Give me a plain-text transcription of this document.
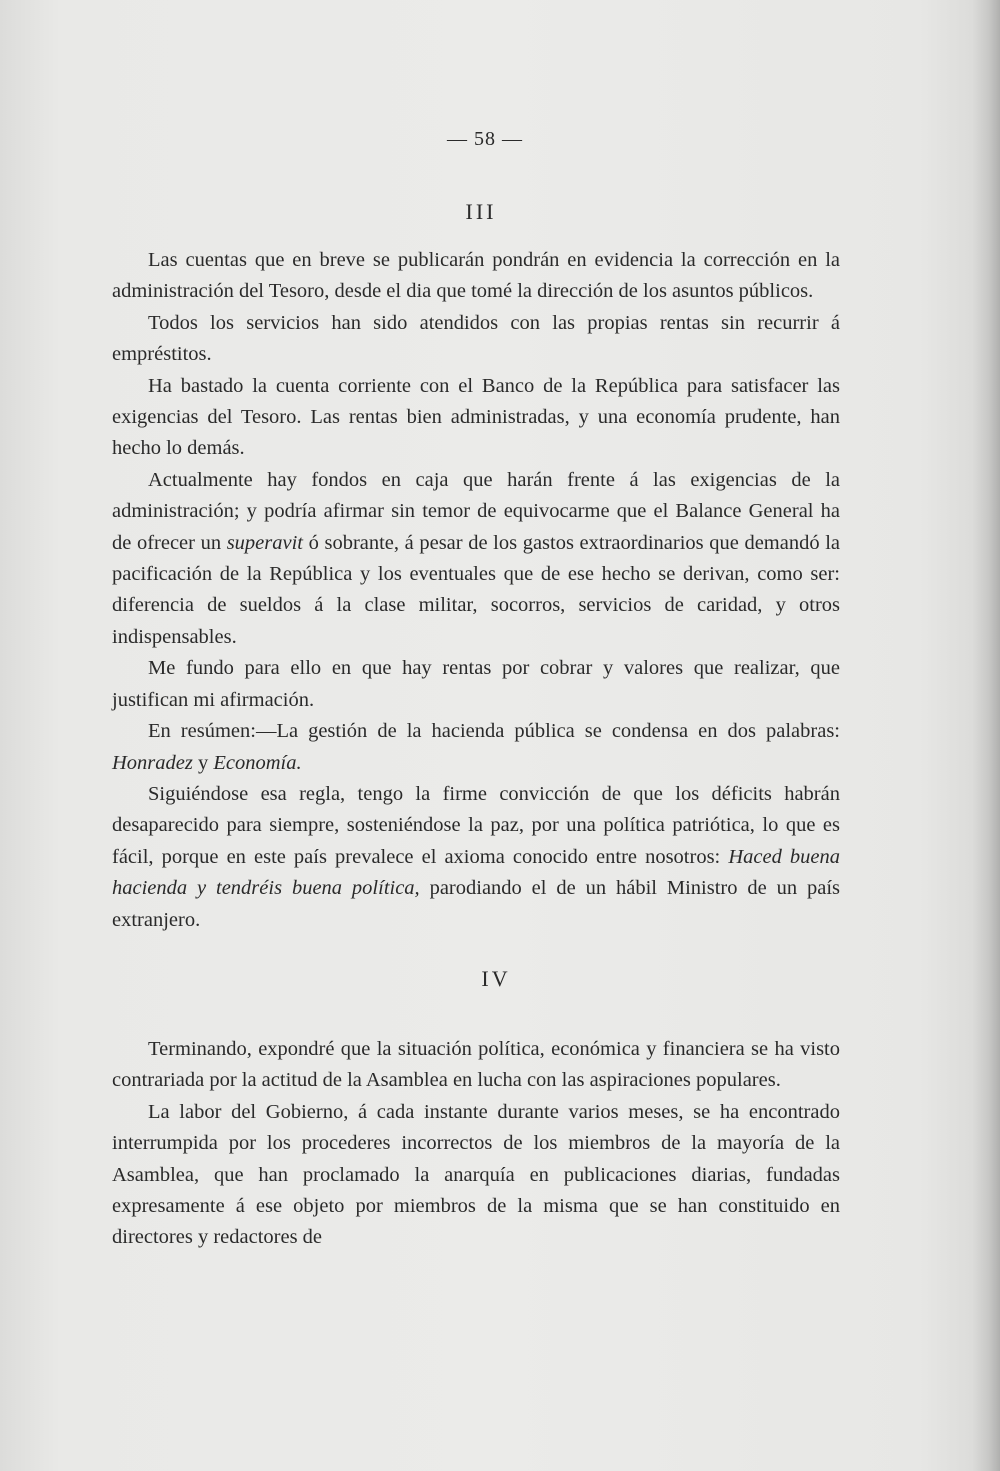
— 58 —
III

Las cuentas que en breve se publicarán pondrán en evidencia la corrección en la administración del Tesoro, desde el dia que tomé la dirección de los asuntos públicos.

Todos los servicios han sido atendidos con las propias rentas sin recurrir á empréstitos.

Ha bastado la cuenta corriente con el Banco de la República para satisfacer las exigencias del Tesoro. Las rentas bien administradas, y una economía prudente, han hecho lo demás.

Actualmente hay fondos en caja que harán frente á las exigencias de la administración; y podría afirmar sin temor de equivocarme que el Balance General ha de ofrecer un superavit ó sobrante, á pesar de los gastos extraordinarios que demandó la pacificación de la República y los eventuales que de ese hecho se derivan, como ser: diferencia de sueldos á la clase militar, socorros, servicios de caridad, y otros indispensables.

Me fundo para ello en que hay rentas por cobrar y valores que realizar, que justifican mi afirmación.

En resúmen:—La gestión de la hacienda pública se condensa en dos palabras: Honradez y Economía.

Siguiéndose esa regla, tengo la firme convicción de que los déficits habrán desaparecido para siempre, sosteniéndose la paz, por una política patriótica, lo que es fácil, porque en este país prevalece el axioma conocido entre nosotros: Haced buena hacienda y tendréis buena política, parodiando el de un hábil Ministro de un país extranjero.

IV

Terminando, expondré que la situación política, económica y financiera se ha visto contrariada por la actitud de la Asamblea en lucha con las aspiraciones populares.

La labor del Gobierno, á cada instante durante varios meses, se ha encontrado interrumpida por los procederes incorrectos de los miembros de la mayoría de la Asamblea, que han proclamado la anarquía en publicaciones diarias, fundadas expresamente á ese objeto por miembros de la misma que se han constituido en directores y redactores de
